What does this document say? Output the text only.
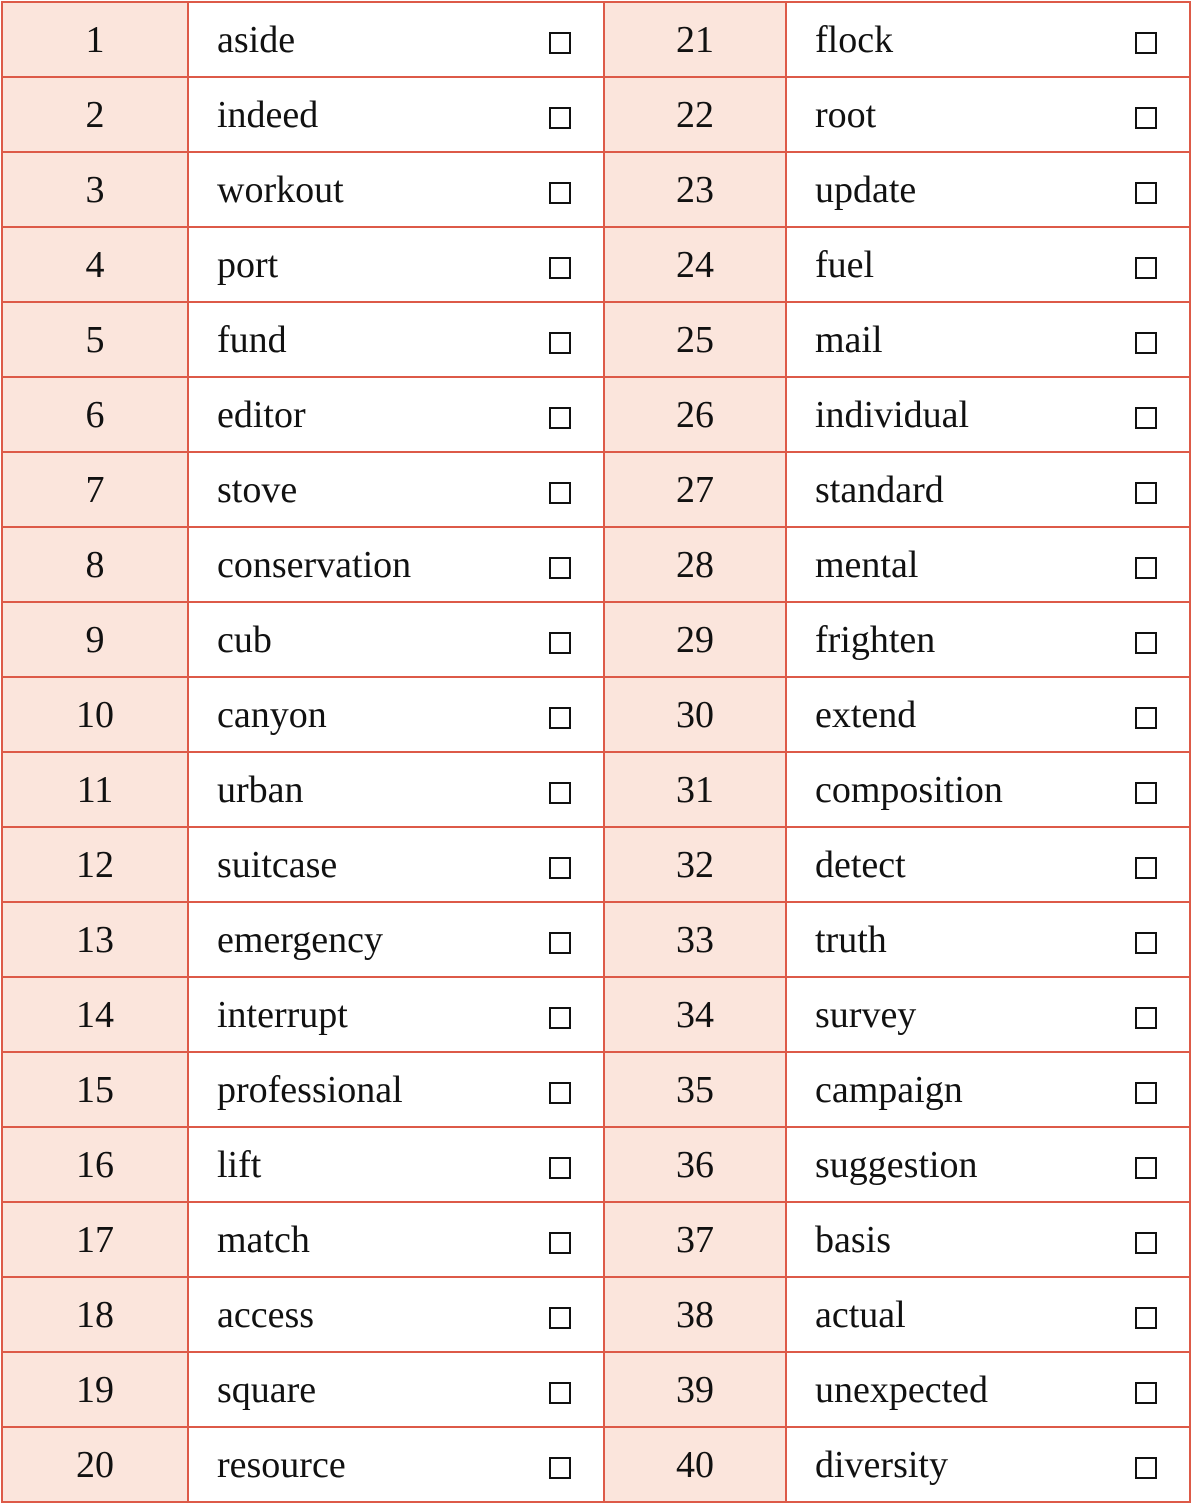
1	aside	21	flock

2	indeed	22	root

3	workout	23	update

4	port	24	fuel

5	fund	25	mail

6	editor	26	individual

7	stove	27	standard

8	conservation	28	mental

9	cub	29	frighten

10	canyon	30	extend

11	urban	31	composition

12	suitcase	32	detect

13	emergency	33	truth

14	interrupt	34	survey

15	professional	35	campaign

16	lift	36	suggestion

17	match	37	basis

18	access	38	actual

19	square	39	unexpected

20	resource	40	diversity
